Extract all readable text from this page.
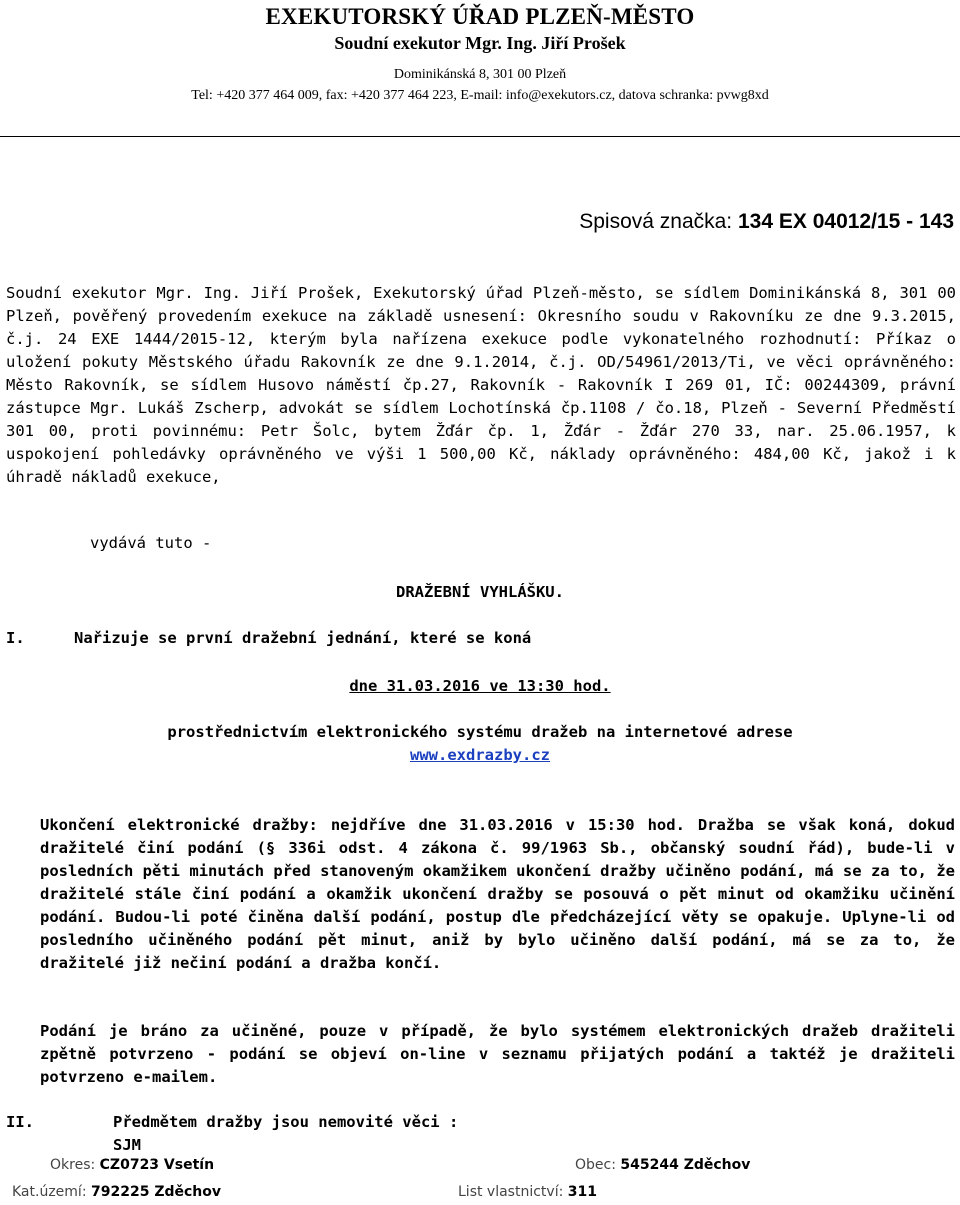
EXEKUTORSKÝ ÚŘAD PLZEŇ-MĚSTO
Soudní exekutor Mgr. Ing. Jiří Prošek
Dominikánská 8, 301 00 Plzeň
Tel: +420 377 464 009, fax: +420 377 464 223, E-mail: info@exekutors.cz, datova schranka: pvwg8xd
Spisová značka: 134 EX 04012/15 - 143
Soudní exekutor Mgr. Ing. Jiří Prošek, Exekutorský úřad Plzeň-město, se sídlem Dominikánská 8, 301 00 Plzeň, pověřený provedením exekuce na základě usnesení: Okresního soudu v Rakovníku ze dne 9.3.2015, č.j. 24 EXE 1444/2015-12, kterým byla nařízena exekuce podle vykonatelného rozhodnutí: Příkaz o uložení pokuty Městského úřadu Rakovník ze dne 9.1.2014, č.j. OD/54961/2013/Ti, ve věci oprávněného: Město Rakovník, se sídlem Husovo náměstí čp.27, Rakovník - Rakovník I 269 01, IČ: 00244309, právní zástupce Mgr. Lukáš Zscherp, advokát se sídlem Lochotínská čp.1108 / čo.18, Plzeň - Severní Předměstí 301 00, proti povinnému: Petr Šolc, bytem Žďár čp. 1, Žďár - Žďár 270 33, nar. 25.06.1957, k uspokojení pohledávky oprávněného ve výši 1 500,00 Kč, náklady oprávněného: 484,00 Kč, jakož i k úhradě nákladů exekuce,
vydává tuto -
DRAŽEBNÍ VYHLÁŠKU.
I.	Nařizuje se první dražební jednání, které se koná
dne 31.03.2016 ve 13:30 hod.
prostřednictvím elektronického systému dražeb na internetové adrese
www.exdrazby.cz
Ukončení elektronické dražby: nejdříve dne 31.03.2016 v 15:30 hod. Dražba se však koná, dokud dražitelé činí podání (§ 336i odst. 4 zákona č. 99/1963 Sb., občanský soudní řád), bude-li v posledních pěti minutách před stanoveným okamžikem ukončení dražby učiněno podání, má se za to, že dražitelé stále činí podání a okamžik ukončení dražby se posouvá o pět minut od okamžiku učinění podání. Budou-li poté činěna další podání, postup dle předcházející věty se opakuje. Uplyne-li od posledního učiněného podání pět minut, aniž by bylo učiněno další podání, má se za to, že dražitelé již nečiní podání a dražba končí.
Podání je bráno za učiněné, pouze v případě, že bylo systémem elektronických dražeb dražiteli zpětně potvrzeno - podání se objeví on-line v seznamu přijatých podání a taktéž je dražiteli potvrzeno e-mailem.
II.	Předmětem dražby jsou nemovité věci :
SJM
Okres: CZ0723 Vsetín	Obec: 545244 Zděchov
Kat.území: 792225 Zděchov	List vlastnictví: 311
